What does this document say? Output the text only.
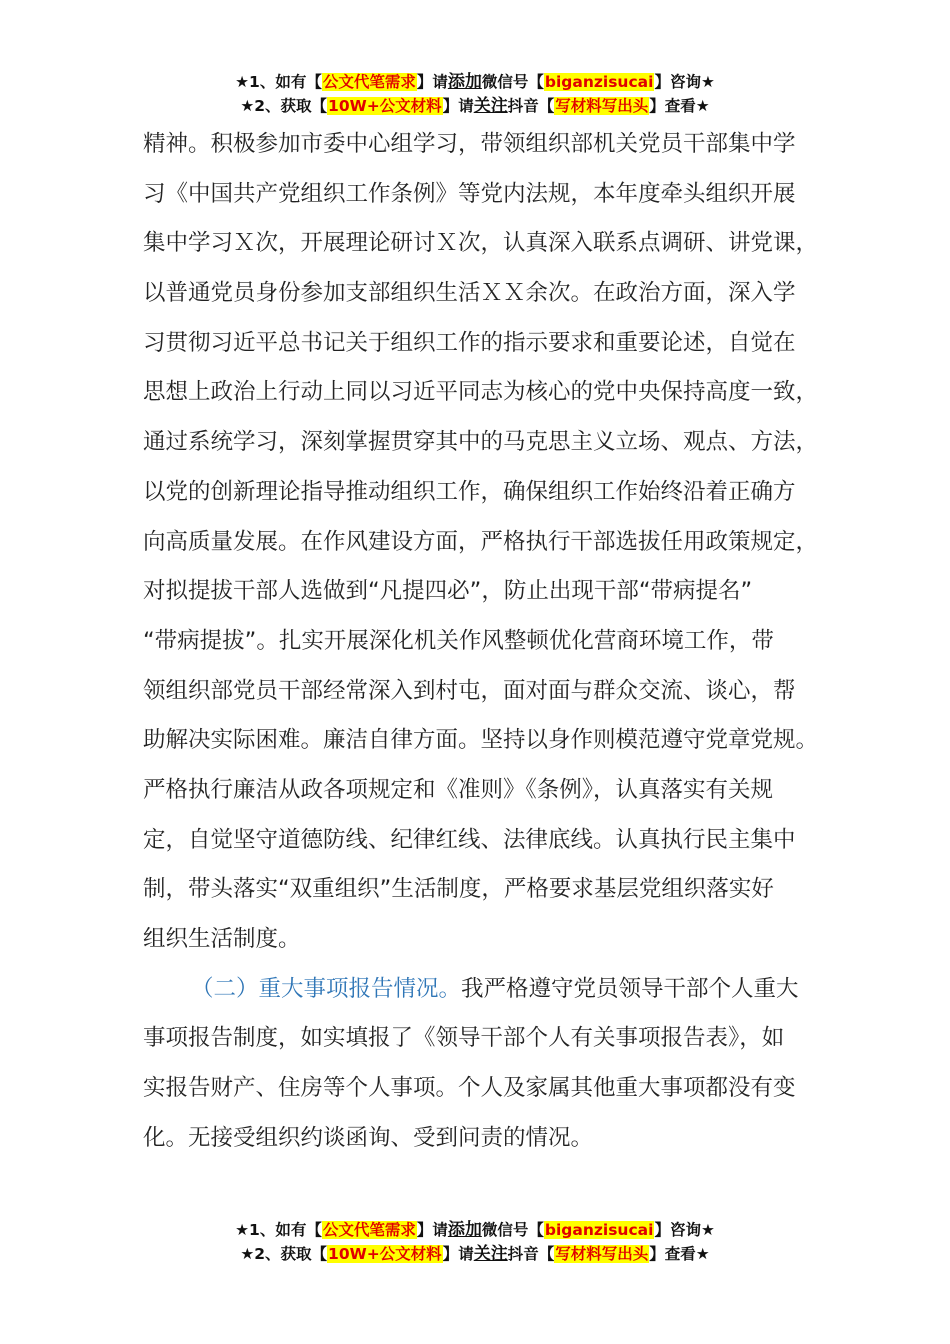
★1、如有【公文代笔需求】请添加微信号【biganzisucai】咨询★
★2、获取【10W+公文材料】请关注抖音【写材料写出头】查看★
精神。积极参加市委中心组学习，带领组织部机关党员干部集中学
习《中国共产党组织工作条例》等党内法规，本年度牵头组织开展
集中学习Ｘ次，开展理论研讨Ｘ次，认真深入联系点调研、讲党课，
以普通党员身份参加支部组织生活ＸＸ余次。在政治方面，深入学
习贯彻习近平总书记关于组织工作的指示要求和重要论述，自觉在
思想上政治上行动上同以习近平同志为核心的党中央保持高度一致，
通过系统学习，深刻掌握贯穿其中的马克思主义立场、观点、方法，
以党的创新理论指导推动组织工作，确保组织工作始终沿着正确方
向高质量发展。在作风建设方面，严格执行干部选拔任用政策规定，
对拟提拔干部人选做到“凡提四必”，防止出现干部“带病提名”
“带病提拔”。扎实开展深化机关作风整顿优化营商环境工作，带
领组织部党员干部经常深入到村屯，面对面与群众交流、谈心，帮
助解决实际困难。廉洁自律方面。坚持以身作则模范遵守党章党规。
严格执行廉洁从政各项规定和《准则》《条例》，认真落实有关规
定，自觉坚守道德防线、纪律红线、法律底线。认真执行民主集中
制，带头落实“双重组织”生活制度，严格要求基层党组织落实好
组织生活制度。
（二）重大事项报告情况。我严格遵守党员领导干部个人重大
事项报告制度，如实填报了《领导干部个人有关事项报告表》，如
实报告财产、住房等个人事项。个人及家属其他重大事项都没有变
化。无接受组织约谈函询、受到问责的情况。
★1、如有【公文代笔需求】请添加微信号【biganzisucai】咨询★
★2、获取【10W+公文材料】请关注抖音【写材料写出头】查看★
